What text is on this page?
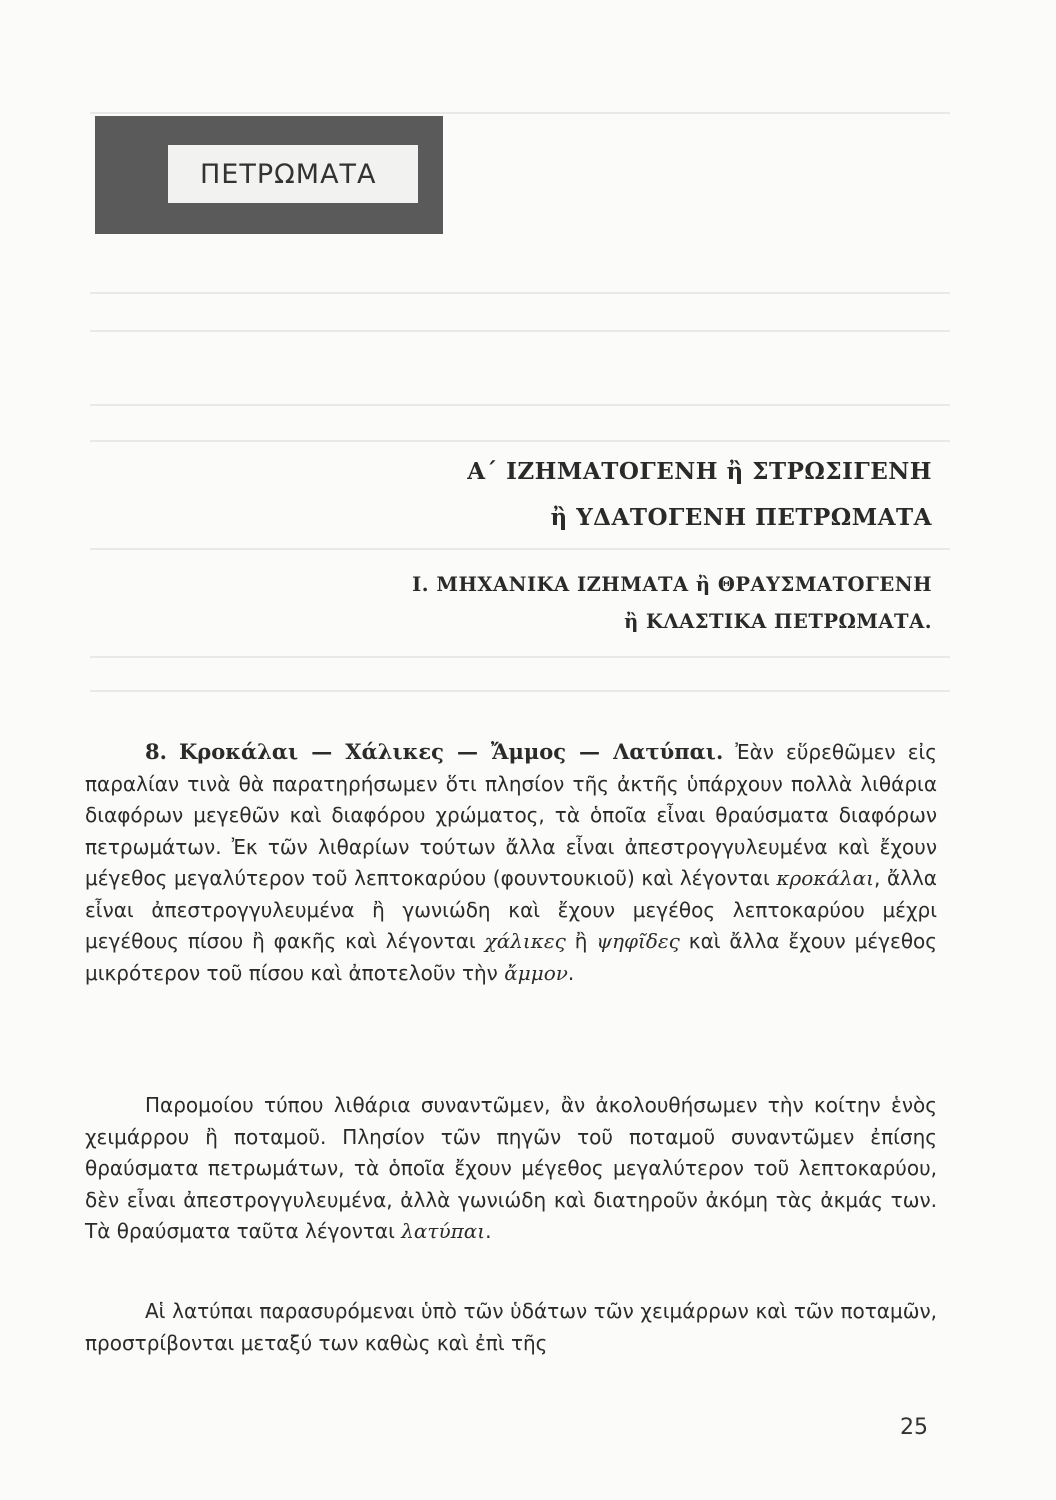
ΠΕΤΡΩΜΑΤΑ
Α΄ ΙΖΗΜΑΤΟΓΕΝΗ ἢ ΣΤΡΩΣΙΓΕΝΗ
ἢ ΥΔΑΤΟΓΕΝΗ ΠΕΤΡΩΜΑΤΑ
Ι. ΜΗΧΑΝΙΚΑ ΙΖΗΜΑΤΑ ἢ ΘΡΑΥΣΜΑΤΟΓΕΝΗ
ἢ ΚΛΑΣΤΙΚΑ ΠΕΤΡΩΜΑΤΑ.
8. Κροκάλαι — Χάλικες — Ἄμμος — Λατύπαι. Ἐὰν εὕρεθῶμεν εἰς παραλίαν τινὰ θὰ παρατηρήσωμεν ὅτι πλησίον τῆς ἀκτῆς ὑπάρχουν πολλὰ λιθάρια διαφόρων μεγεθῶν καὶ διαφόρου χρώματος, τὰ ὁποῖα εἶναι θραύσματα διαφόρων πετρωμάτων. Ἐκ τῶν λιθαρίων τούτων ἄλλα εἶναι ἀπεστρογγυλευμένα καὶ ἔχουν μέγεθος μεγαλύτερον τοῦ λεπτοκαρύου (φουντουκιοῦ) καὶ λέγονται κροκάλαι, ἄλλα εἶναι ἀπεστρογγυλευμένα ἢ γωνιώδη καὶ ἔχουν μεγέθος λεπτοκαρύου μέχρι μεγέθους πίσου ἢ φακῆς καὶ λέγονται χάλικες ἢ ψηφῖδες καὶ ἄλλα ἔχουν μέγεθος μικρότερον τοῦ πίσου καὶ ἀποτελοῦν τὴν ἄμμον.
Παρομοίου τύπου λιθάρια συναντῶμεν, ἂν ἀκολουθήσωμεν τὴν κοίτην ἑνὸς χειμάρρου ἢ ποταμοῦ. Πλησίον τῶν πηγῶν τοῦ ποταμοῦ συναντῶμεν ἐπίσης θραύσματα πετρωμάτων, τὰ ὁποῖα ἔχουν μέγεθος μεγαλύτερον τοῦ λεπτοκαρύου, δὲν εἶναι ἀπεστρογγυλευμένα, ἀλλὰ γωνιώδη καὶ διατηροῦν ἀκόμη τὰς ἀκμάς των. Τὰ θραύσματα ταῦτα λέγονται λατύπαι.
Αἱ λατύπαι παρασυρόμεναι ὑπὸ τῶν ὑδάτων τῶν χειμάρρων καὶ τῶν ποταμῶν, προστρίβονται μεταξύ των καθὼς καὶ ἐπὶ τῆς
25
